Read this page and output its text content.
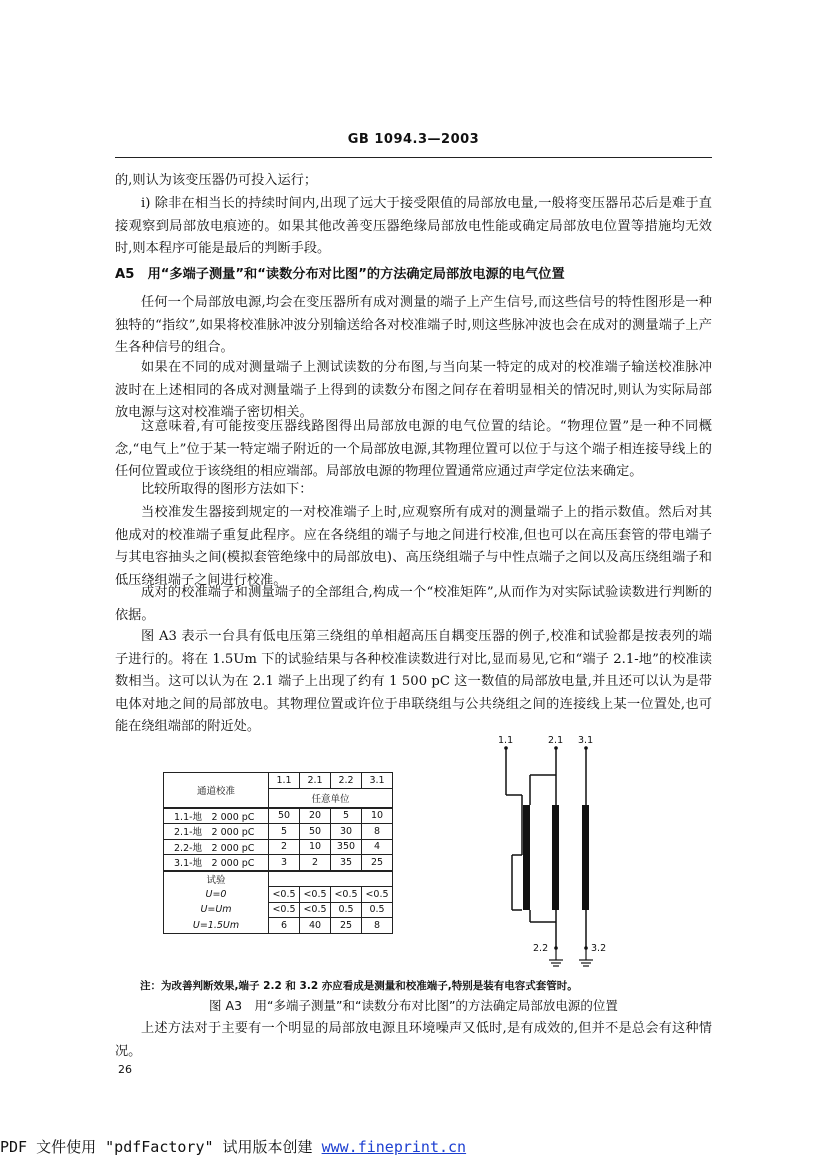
GB 1094.3—2003

的,则认为该变压器仍可投入运行；

i) 除非在相当长的持续时间内,出现了远大于接受限值的局部放电量,一般将变压器吊芯后是难于直接观察到局部放电痕迹的。如果其他改善变压器绝缘局部放电性能或确定局部放电位置等措施均无效时,则本程序可能是最后的判断手段。

A5　用“多端子测量”和“读数分布对比图”的方法确定局部放电源的电气位置

任何一个局部放电源,均会在变压器所有成对测量的端子上产生信号,而这些信号的特性图形是一种独特的“指纹”,如果将校准脉冲波分别输送给各对校准端子时,则这些脉冲波也会在成对的测量端子上产生各种信号的组合。

如果在不同的成对测量端子上测试读数的分布图,与当向某一特定的成对的校准端子输送校准脉冲波时在上述相同的各成对测量端子上得到的读数分布图之间存在着明显相关的情况时,则认为实际局部放电源与这对校准端子密切相关。

这意味着,有可能按变压器线路图得出局部放电源的电气位置的结论。“物理位置”是一种不同概念,“电气上”位于某一特定端子附近的一个局部放电源,其物理位置可以位于与这个端子相连接导线上的任何位置或位于该绕组的相应端部。局部放电源的物理位置通常应通过声学定位法来确定。

比较所取得的图形方法如下：

当校准发生器接到规定的一对校准端子上时,应观察所有成对的测量端子上的指示数值。然后对其他成对的校准端子重复此程序。应在各绕组的端子与地之间进行校准,但也可以在高压套管的带电端子与其电容抽头之间(模拟套管绝缘中的局部放电)、高压绕组端子与中性点端子之间以及高压绕组端子和低压绕组端子之间进行校准。

成对的校准端子和测量端子的全部组合,构成一个“校准矩阵”,从而作为对实际试验读数进行判断的依据。

图 A3 表示一台具有低电压第三绕组的单相超高压自耦变压器的例子,校准和试验都是按表列的端子进行的。将在 1.5Um 下的试验结果与各种校准读数进行对比,显而易见,它和“端子 2.1-地”的校准读数相当。这可以认为在 2.1 端子上出现了约有 1 500 pC 这一数值的局部放电量,并且还可以认为是带电体对地之间的局部放电。其物理位置或许位于串联绕组与公共绕组之间的连接线上某一位置处,也可能在绕组端部的附近处。

通道校准	1.1	2.1	2.2	3.1
	任意单位			
1.1-地　2 000 pC	50	20	5	10
2.1-地　2 000 pC	5	50	30	8
2.2-地　2 000 pC	2	10	350	4
3.1-地　2 000 pC	3	2	35	25
试验				
U=0	<0.5	<0.5	<0.5	<0.5
U=Um	<0.5	<0.5	0.5	0.5
U=1.5Um	6	40	25	8
1.1	2.1 3.1
2.2	3.2
注：为改善判断效果,端子 2.2 和 3.2 亦应看成是测量和校准端子,特别是装有电容式套管时。
图 A3　用“多端子测量”和“读数分布对比图”的方法确定局部放电源的位置

上述方法对于主要有一个明显的局部放电源且环境噪声又低时,是有成效的,但并不是总会有这种情况。

26
PDF 文件使用 "pdfFactory" 试用版本创建 www.fineprint.cn
